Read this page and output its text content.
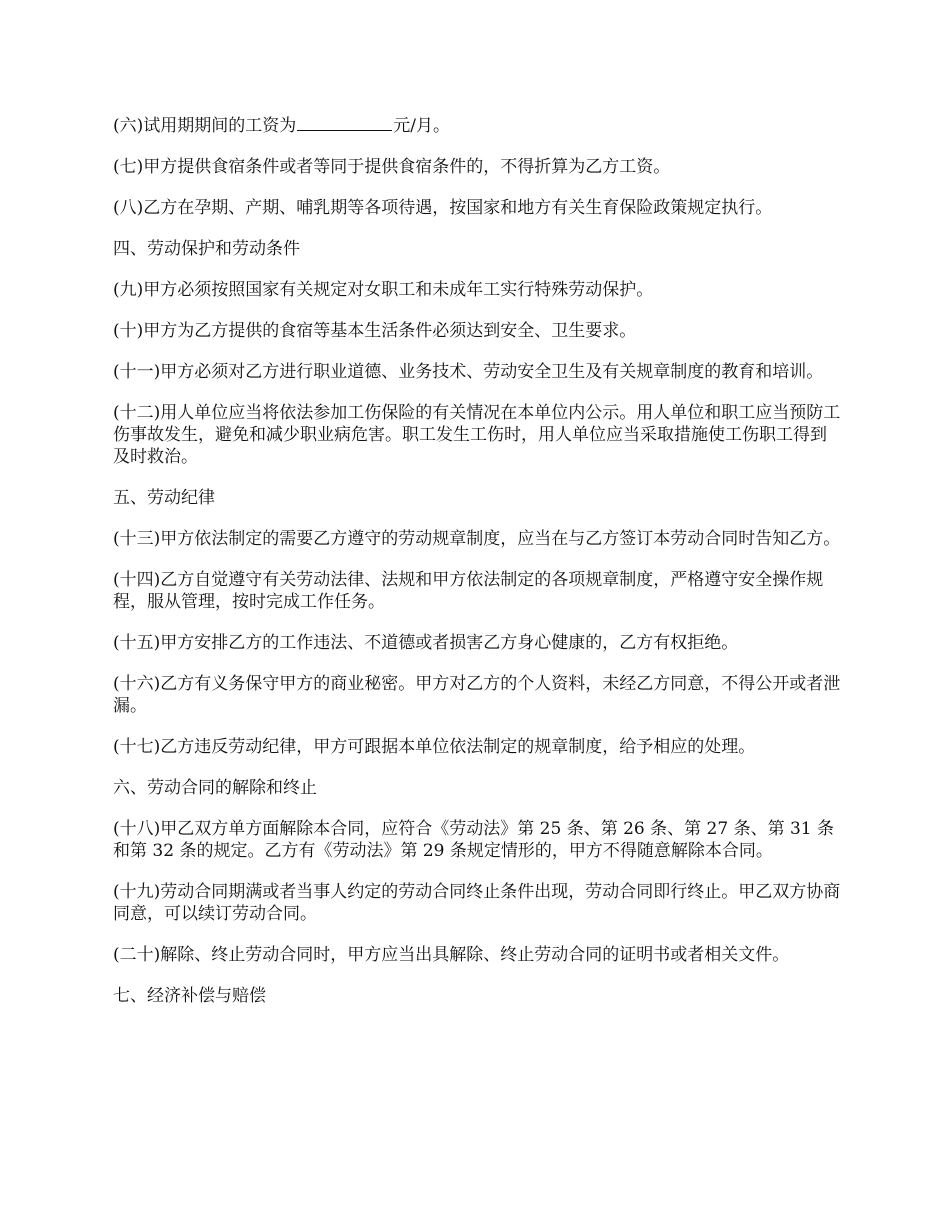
(六)试用期期间的工资为	元/月。

(七)甲方提供食宿条件或者等同于提供食宿条件的，不得折算为乙方工资。

(八)乙方在孕期、产期、哺乳期等各项待遇，按国家和地方有关生育保险政策规定执行。

四、劳动保护和劳动条件

(九)甲方必须按照国家有关规定对女职工和未成年工实行特殊劳动保护。

(十)甲方为乙方提供的食宿等基本生活条件必须达到安全、卫生要求。

(十一)甲方必须对乙方进行职业道德、业务技术、劳动安全卫生及有关规章制度的教育和培训。

(十二)用人单位应当将依法参加工伤保险的有关情况在本单位内公示。用人单位和职工应当预防工伤事故发生，避免和减少职业病危害。职工发生工伤时，用人单位应当采取措施使工伤职工得到及时救治。

五、劳动纪律

(十三)甲方依法制定的需要乙方遵守的劳动规章制度，应当在与乙方签订本劳动合同时告知乙方。

(十四)乙方自觉遵守有关劳动法律、法规和甲方依法制定的各项规章制度，严格遵守安全操作规程，服从管理，按时完成工作任务。

(十五)甲方安排乙方的工作违法、不道德或者损害乙方身心健康的，乙方有权拒绝。

(十六)乙方有义务保守甲方的商业秘密。甲方对乙方的个人资料，未经乙方同意，不得公开或者泄漏。

(十七)乙方违反劳动纪律，甲方可跟据本单位依法制定的规章制度，给予相应的处理。

六、劳动合同的解除和终止

(十八)甲乙双方单方面解除本合同，应符合《劳动法》第 25 条、第 26 条、第 27 条、第 31 条和第 32 条的规定。乙方有《劳动法》第 29 条规定情形的，甲方不得随意解除本合同。

(十九)劳动合同期满或者当事人约定的劳动合同终止条件出现，劳动合同即行终止。甲乙双方协商同意，可以续订劳动合同。

(二十)解除、终止劳动合同时，甲方应当出具解除、终止劳动合同的证明书或者相关文件。

七、经济补偿与赔偿
